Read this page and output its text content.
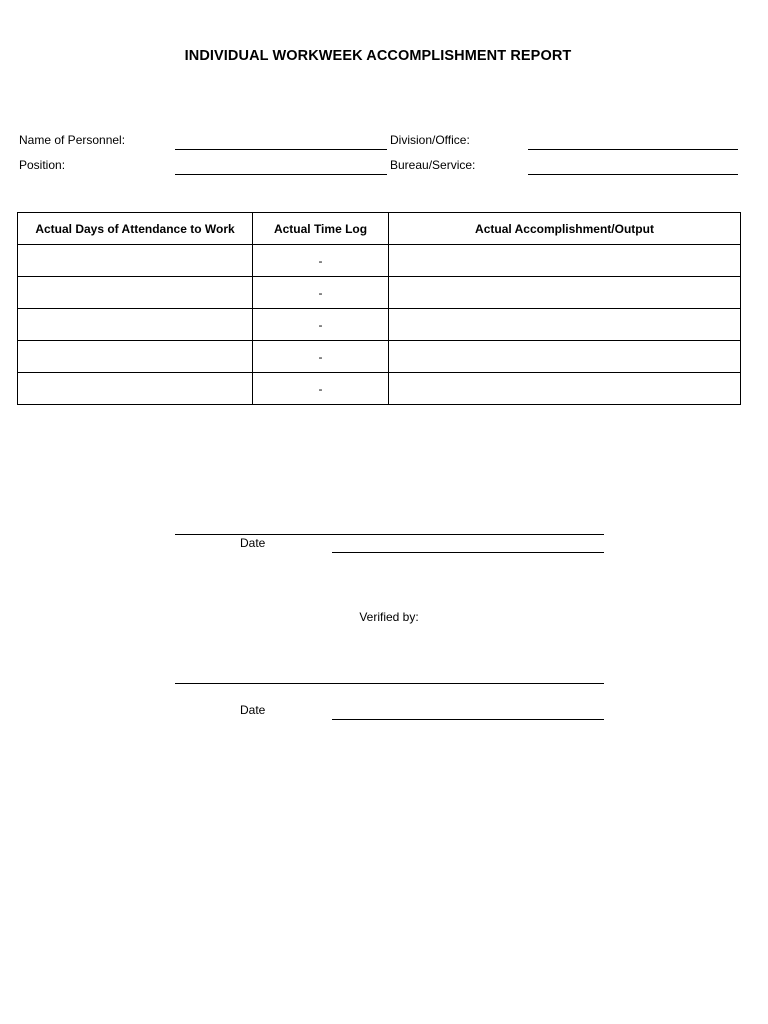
INDIVIDUAL WORKWEEK ACCOMPLISHMENT REPORT
Name of Personnel:
Position:
Division/Office:
Bureau/Service:
Actual Days of Attendance to Work	Actual Time Log	Actual Accomplishment/Output
	-	
	-	
	-	
	-	
	-	
Date
Verified by:
Date
